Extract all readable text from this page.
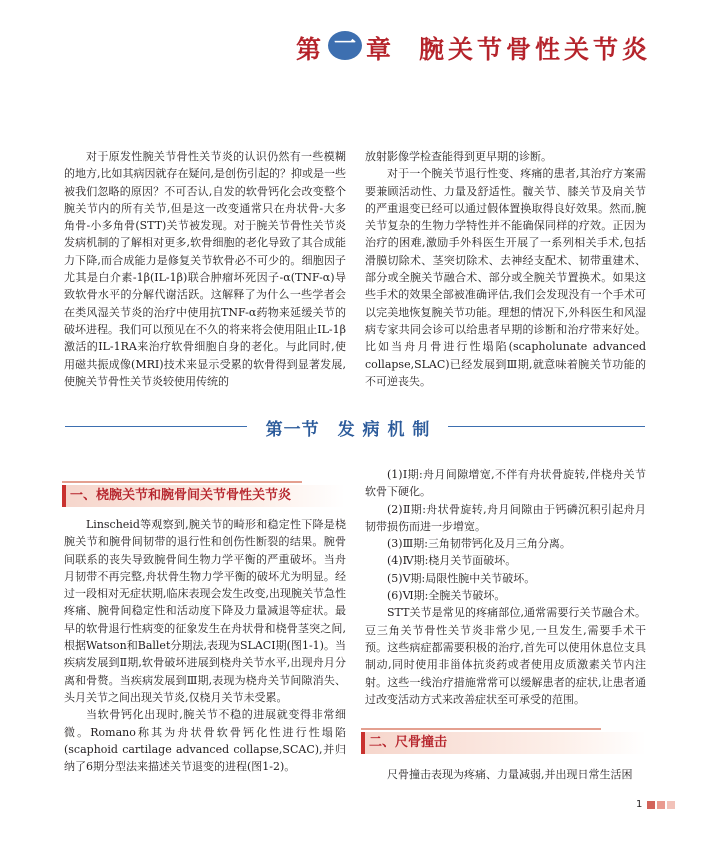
第 一 章 腕关节骨性关节炎

对于原发性腕关节骨性关节炎的认识仍然有一些模糊的地方,比如其病因就存在疑问,是创伤引起的？抑或是一些被我们忽略的原因？不可否认,自发的软骨钙化会改变整个腕关节内的所有关节,但是这一改变通常只在舟状骨-大多角骨-小多角骨(STT)关节被发现。对于腕关节骨性关节炎发病机制的了解相对更多,软骨细胞的老化导致了其合成能力下降,而合成能力是修复关节软骨必不可少的。细胞因子尤其是白介素-1β(IL-1β)联合肿瘤坏死因子-α(TNF-α)导致软骨水平的分解代谢活跃。这解释了为什么一些学者会在类风湿关节炎的治疗中使用抗TNF-α药物来延缓关节的破坏进程。我们可以预见在不久的将来将会使用阻止IL-1β激活的IL-1RA来治疗软骨细胞自身的老化。与此同时,使用磁共振成像(MRI)技术来显示受累的软骨得到显著发展,使腕关节骨性关节炎较使用传统的

放射影像学检查能得到更早期的诊断。

对于一个腕关节退行性变、疼痛的患者,其治疗方案需要兼顾活动性、力量及舒适性。髋关节、膝关节及肩关节的严重退变已经可以通过假体置换取得良好效果。然而,腕关节复杂的生物力学特性并不能确保同样的疗效。正因为治疗的困难,激励手外科医生开展了一系列相关手术,包括滑膜切除术、茎突切除术、去神经支配术、韧带重建术、部分或全腕关节融合术、部分或全腕关节置换术。如果这些手术的效果全部被准确评估,我们会发现没有一个手术可以完美地恢复腕关节功能。理想的情况下,外科医生和风湿病专家共同会诊可以给患者早期的诊断和治疗带来好处。比如当舟月骨进行性塌陷(scapholunate advanced collapse,SLAC)已经发展到Ⅲ期,就意味着腕关节功能的不可逆丧失。

第一节　发 病 机 制
一、桡腕关节和腕骨间关节骨性关节炎

Linscheid等观察到,腕关节的畸形和稳定性下降是桡腕关节和腕骨间韧带的退行性和创伤性断裂的结果。腕骨间联系的丧失导致腕骨间生物力学平衡的严重破坏。当舟月韧带不再完整,舟状骨生物力学平衡的破坏尤为明显。经过一段相对无症状期,临床表现会发生改变,出现腕关节急性疼痛、腕骨间稳定性和活动度下降及力量减退等症状。最早的软骨退行性病变的征象发生在舟状骨和桡骨茎突之间,根据Watson和Ballet分期法,表现为SLACⅠ期(图1-1)。当疾病发展到Ⅱ期,软骨破坏进展到桡舟关节水平,出现舟月分离和骨赘。当疾病发展到Ⅲ期,表现为桡舟关节间隙消失、头月关节之间出现关节炎,仅桡月关节未受累。

当软骨钙化出现时,腕关节不稳的进展就变得非常细微。Romano称其为舟状骨软骨钙化性进行性塌陷(scaphoid cartilage advanced collapse,SCAC),并归纳了6期分型法来描述关节退变的进程(图1-2)。

(1)Ⅰ期:舟月间隙增宽,不伴有舟状骨旋转,伴桡舟关节软骨下硬化。

(2)Ⅱ期:舟状骨旋转,舟月间隙由于钙磷沉积引起舟月韧带损伤而进一步增宽。

(3)Ⅲ期:三角韧带钙化及月三角分离。

(4)Ⅳ期:桡月关节面破坏。

(5)Ⅴ期:局限性腕中关节破坏。

(6)Ⅵ期:全腕关节破坏。

STT关节是常见的疼痛部位,通常需要行关节融合术。豆三角关节骨性关节炎非常少见,一旦发生,需要手术干预。这些病症都需要积极的治疗,首先可以使用休息位支具制动,同时使用非甾体抗炎药或者使用皮质激素关节内注射。这些一线治疗措施常常可以缓解患者的症状,让患者通过改变活动方式来改善症状至可承受的范围。

二、尺骨撞击

尺骨撞击表现为疼痛、力量减弱,并出现日常生活困

1
